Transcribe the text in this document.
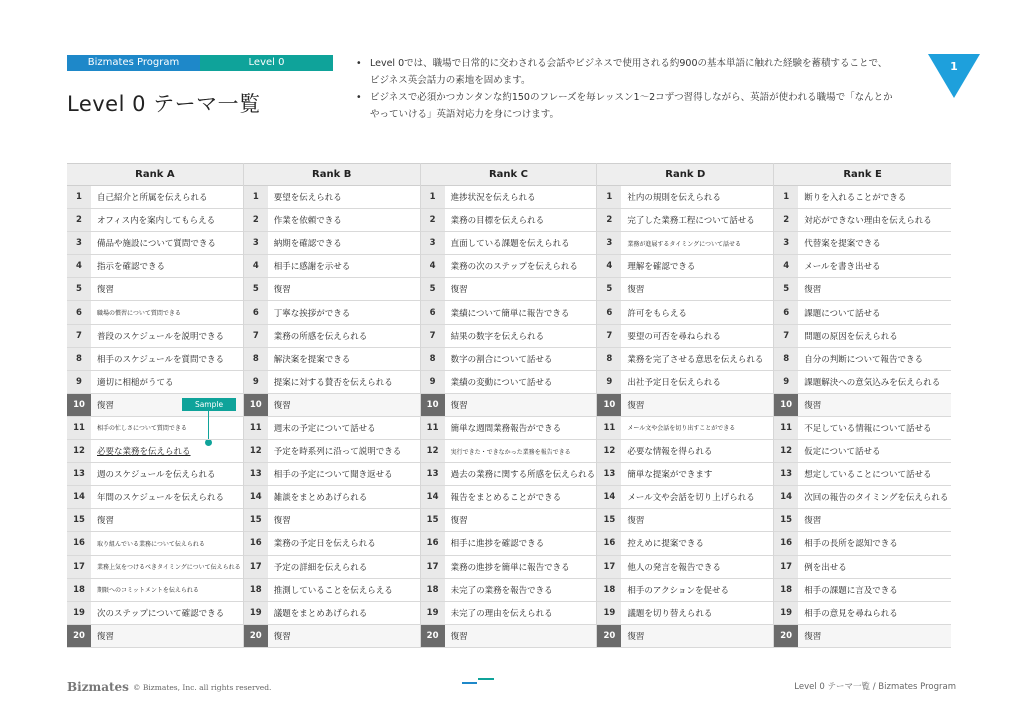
Bizmates Program	Level 0
Level 0 テーマ一覧
• Level 0では、職場で日常的に交わされる会話やビジネスで使用される約900の基本単語に触れた経験を蓄積することで、ビジネス英会話力の素地を固めます。
• ビジネスで必須かつカンタンな約150のフレーズを毎レッスン1〜2コずつ習得しながら、英語が使われる職場で「なんとかやっていける」英語対応力を身につけます。
1
Rank A
1	自己紹介と所属を伝えられる
2	オフィス内を案内してもらえる
3	備品や施設について質問できる
4	指示を確認できる
5	復習
6	職場の慣習について質問できる
7	普段のスケジュールを説明できる
8	相手のスケジュールを質問できる
9	適切に相槌がうてる
10	復習	Sample
11	相手の忙しさについて質問できる
12	必要な業務を伝えられる
13	週のスケジュールを伝えられる
14	年間のスケジュールを伝えられる
15	復習
16	取り組んでいる業務について伝えられる
17	業務上気をつけるべきタイミングについて伝えられる
18	期限へのコミットメントを伝えられる
19	次のステップについて確認できる
20	復習
Rank B
1	要望を伝えられる
2	作業を依頼できる
3	納期を確認できる
4	相手に感謝を示せる
5	復習
6	丁寧な挨拶ができる
7	業務の所感を伝えられる
8	解決案を提案できる
9	提案に対する賛否を伝えられる
10	復習
11	週末の予定について話せる
12	予定を時系列に沿って説明できる
13	相手の予定について聞き返せる
14	雑談をまとめあげられる
15	復習
16	業務の予定日を伝えられる
17	予定の詳細を伝えられる
18	推測していることを伝えらえる
19	議題をまとめあげられる
20	復習
Rank C
1	進捗状況を伝えられる
2	業務の目標を伝えられる
3	直面している課題を伝えられる
4	業務の次のステップを伝えられる
5	復習
6	業績について簡単に報告できる
7	結果の数字を伝えられる
8	数字の割合について話せる
9	業績の変動について話せる
10	復習
11	簡単な週間業務報告ができる
12	実行できた・できなかった業務を報告できる
13	過去の業務に関する所感を伝えられる
14	報告をまとめることができる
15	復習
16	相手に進捗を確認できる
17	業務の進捗を簡単に報告できる
18	未完了の業務を報告できる
19	未完了の理由を伝えられる
20	復習
Rank D
1	社内の規則を伝えられる
2	完了した業務工程について話せる
3	業務が進展するタイミングについて話せる
4	理解を確認できる
5	復習
6	許可をもらえる
7	要望の可否を尋ねられる
8	業務を完了させる意思を伝えられる
9	出社予定日を伝えられる
10	復習
11	メール文や会話を切り出すことができる
12	必要な情報を得られる
13	簡単な提案ができます
14	メール文や会話を切り上げられる
15	復習
16	控えめに提案できる
17	他人の発言を報告できる
18	相手のアクションを促せる
19	議題を切り替えられる
20	復習
Rank E
1	断りを入れることができる
2	対応ができない理由を伝えられる
3	代替案を提案できる
4	メールを書き出せる
5	復習
6	課題について話せる
7	問題の原因を伝えられる
8	自分の判断について報告できる
9	課題解決への意気込みを伝えられる
10	復習
11	不足している情報について話せる
12	仮定について話せる
13	想定していることについて話せる
14	次回の報告のタイミングを伝えられる
15	復習
16	相手の長所を認知できる
17	例を出せる
18	相手の課題に言及できる
19	相手の意見を尋ねられる
20	復習
Bizmates © Bizmates, Inc. all rights reserved.	Level 0 テーマ一覧 / Bizmates Program
